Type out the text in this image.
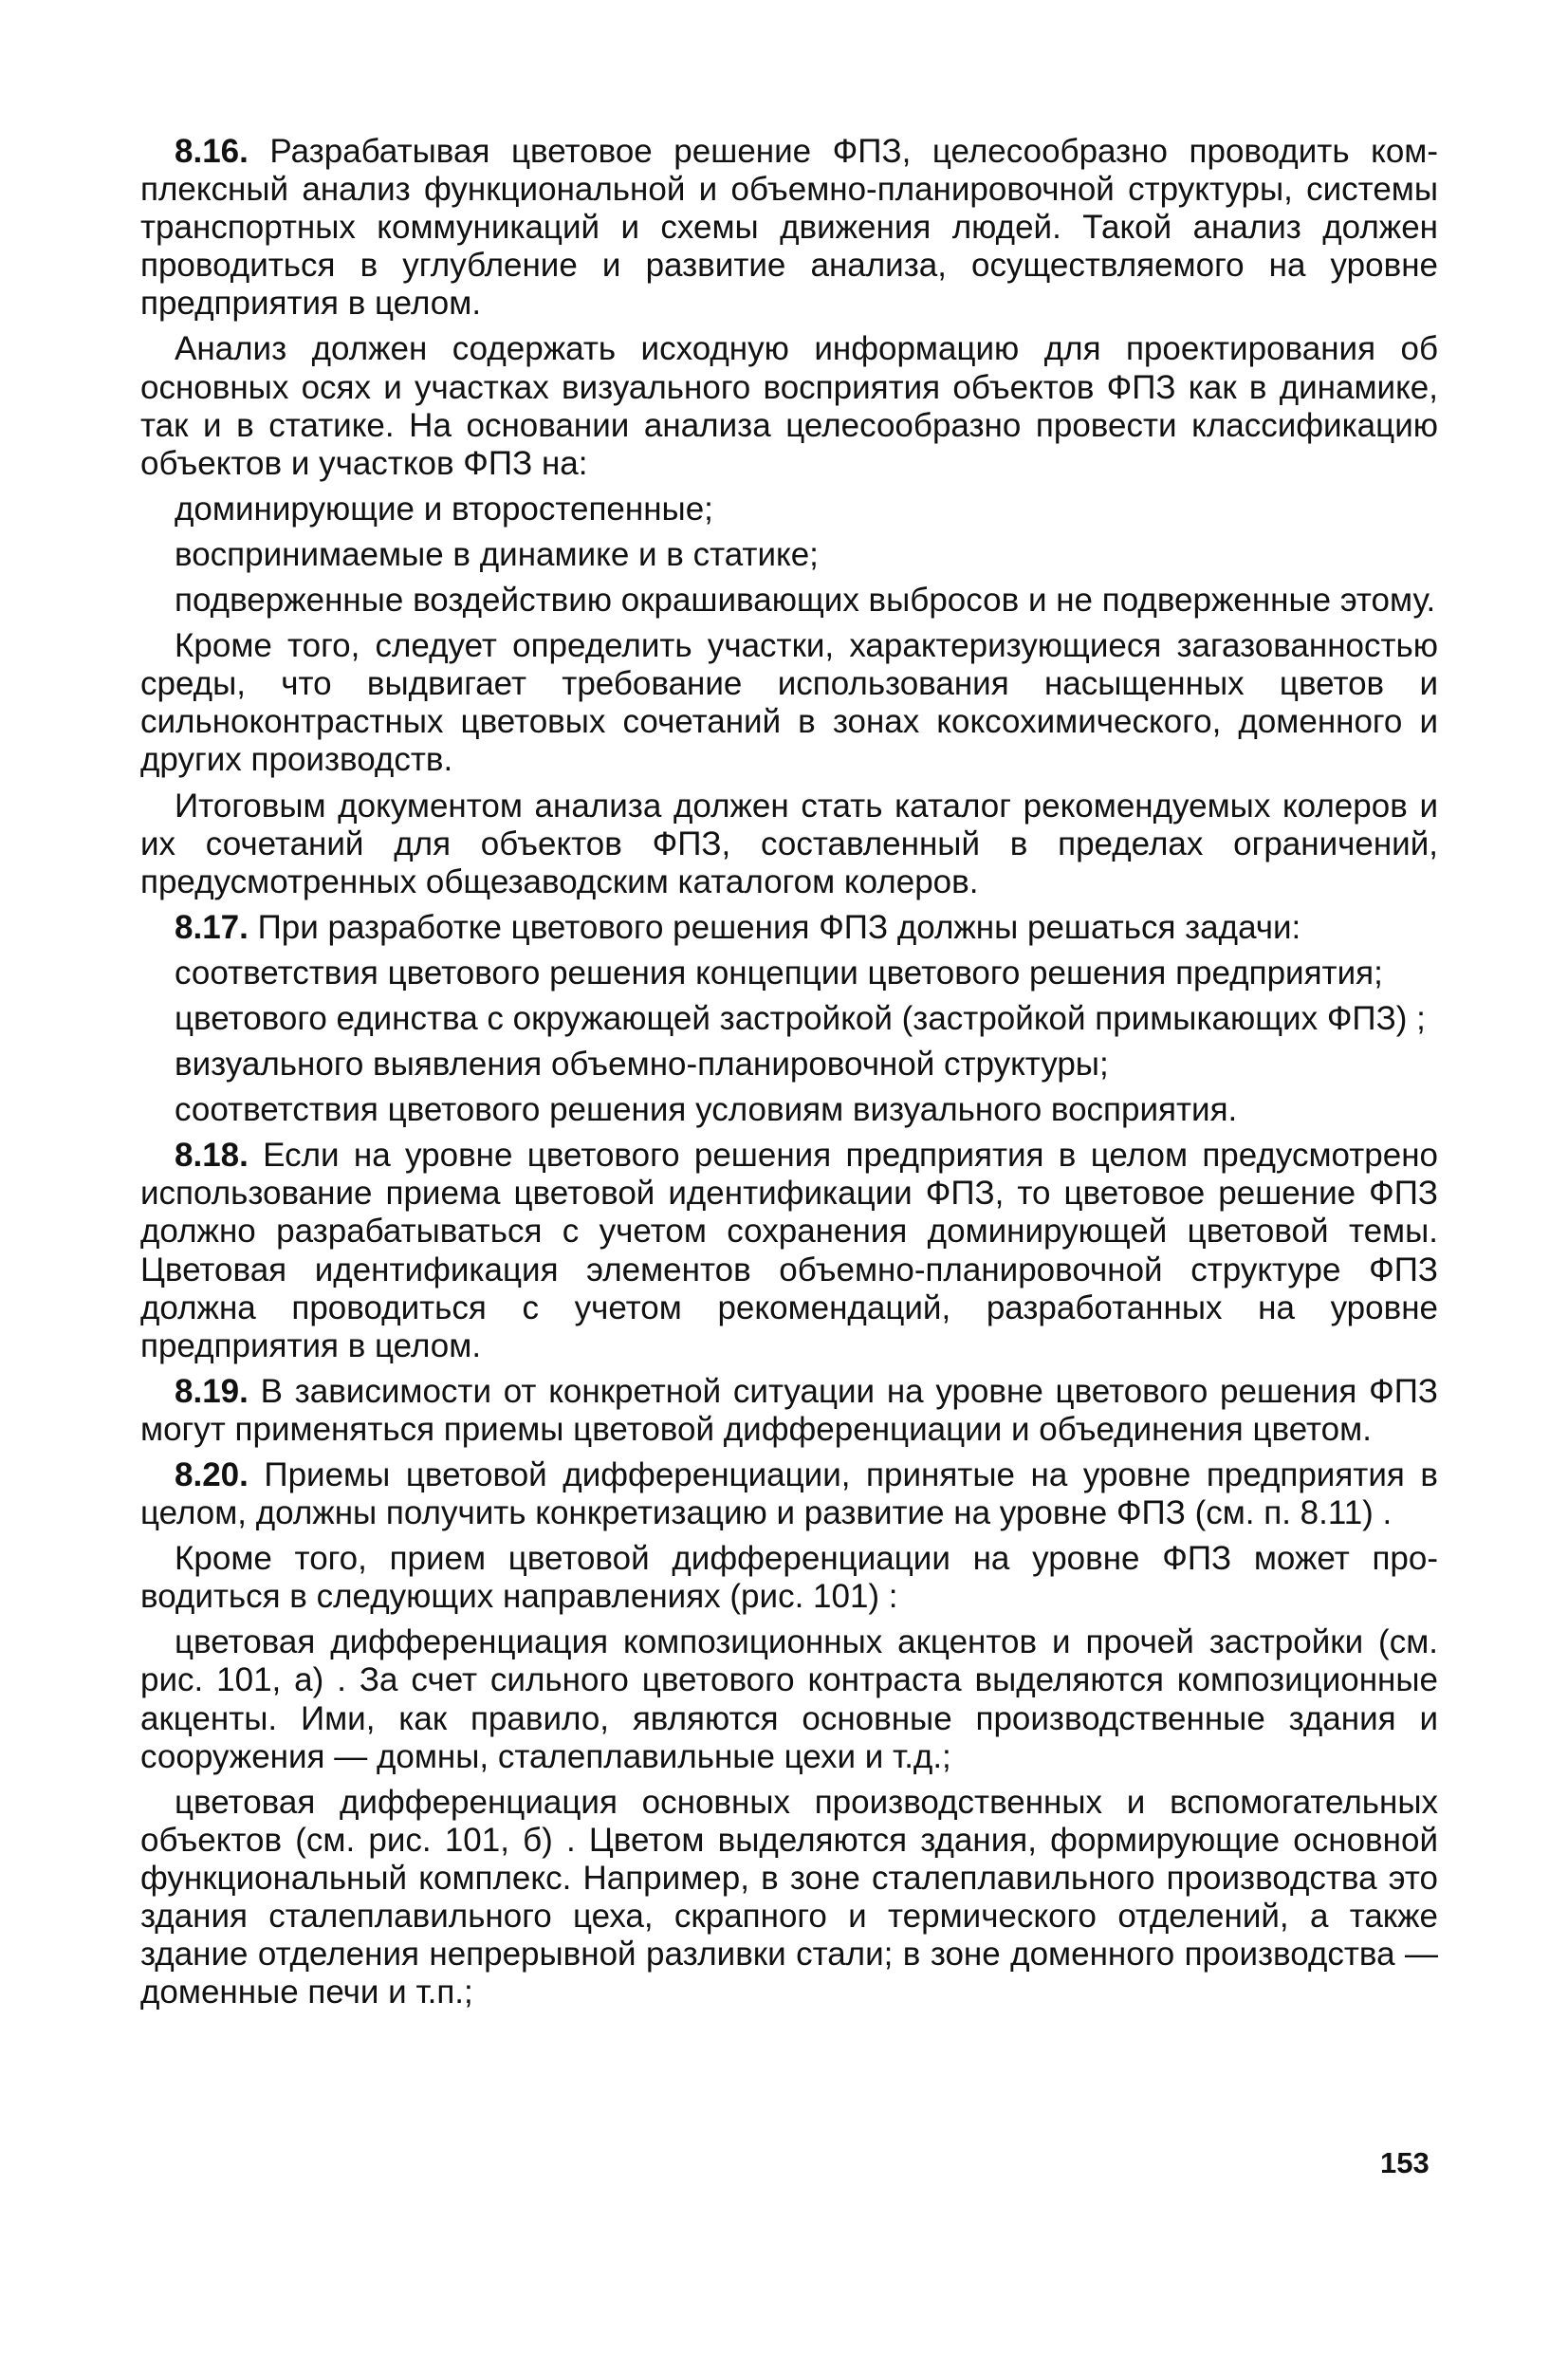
8.16. Разрабатывая цветовое решение ФПЗ, целесообразно проводить комплексный анализ функциональной и объемно-планировочной структуры, системы транспортных коммуникаций и схемы движения людей. Такой анализ должен проводиться в углубление и развитие анализа, осуществляемого на уровне предприятия в целом.

Анализ должен содержать исходную информацию для проектирования об основных осях и участках визуального восприятия объектов ФПЗ как в динамике, так и в статике. На основании анализа целесообразно провести классификацию объектов и участков ФПЗ на:

доминирующие и второстепенные;

воспринимаемые в динамике и в статике;

подверженные воздействию окрашивающих выбросов и не подверженные этому.

Кроме того, следует определить участки, характеризующиеся загазованностью среды, что выдвигает требование использования насыщенных цветов и сильноконтрастных цветовых сочетаний в зонах коксохимического, доменного и других производств.

Итоговым документом анализа должен стать каталог рекомендуемых колеров и их сочетаний для объектов ФПЗ, составленный в пределах ограничений, предусмотренных общезаводским каталогом колеров.

8.17. При разработке цветового решения ФПЗ должны решаться задачи:

соответствия цветового решения концепции цветового решения предприятия;

цветового единства с окружающей застройкой (застройкой примыкающих ФПЗ) ;

визуального выявления объемно-планировочной структуры;

соответствия цветового решения условиям визуального восприятия.

8.18. Если на уровне цветового решения предприятия в целом предусмотрено использование приема цветовой идентификации ФПЗ, то цветовое решение ФПЗ должно разрабатываться с учетом сохранения доминирующей цветовой темы. Цветовая идентификация элементов объемно-планировочной структуре ФПЗ должна проводиться с учетом рекомендаций, разработанных на уровне предприятия в целом.

8.19. В зависимости от конкретной ситуации на уровне цветового решения ФПЗ могут применяться приемы цветовой дифференциации и объединения цветом.

8.20. Приемы цветовой дифференциации, принятые на уровне предприятия в целом, должны получить конкретизацию и развитие на уровне ФПЗ (см. п. 8.11) .

Кроме того, прием цветовой дифференциации на уровне ФПЗ может проводиться в следующих направлениях (рис. 101) :

цветовая дифференциация композиционных акцентов и прочей застройки (см. рис. 101, а) . За счет сильного цветового контраста выделяются композиционные акценты. Ими, как правило, являются основные производственные здания и сооружения — домны, сталеплавильные цехи и т.д.;

цветовая дифференциация основных производственных и вспомогательных объектов (см. рис. 101, б) . Цветом выделяются здания, формирующие основной функциональный комплекс. Например, в зоне сталеплавильного производства это здания сталеплавильного цеха, скрапного и термического отделений, а также здание отделения непрерывной разливки стали; в зоне доменного производства — доменные печи и т.п.;

153
